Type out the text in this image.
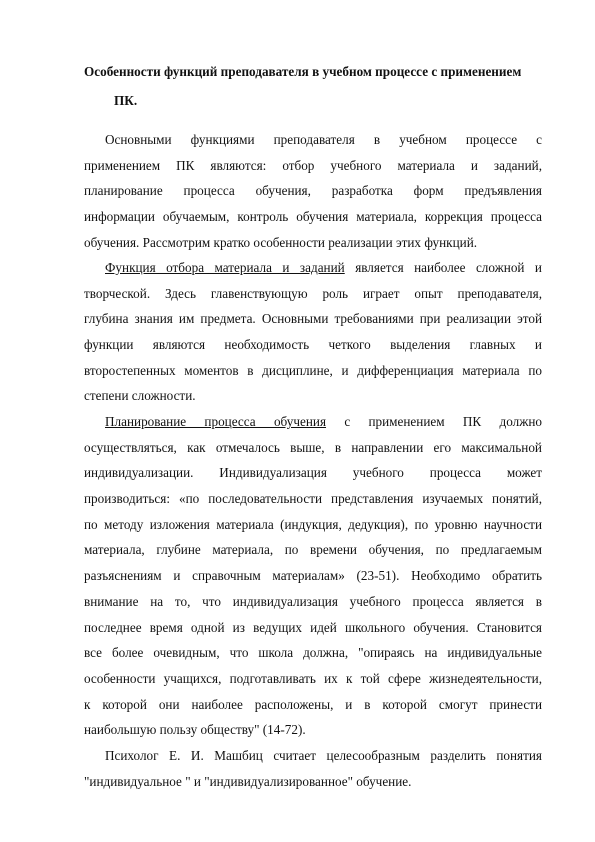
Особенности функций преподавателя в учебном процессе с применением
ПК.
Основными функциями преподавателя в учебном процессе с
применением ПК являются: отбор учебного материала и заданий,
планирование процесса обучения, разработка форм предъявления
информации обучаемым, контроль обучения материала, коррекция процесса
обучения. Рассмотрим кратко особенности реализации этих функций.
Функция отбора материала и заданий является наиболее сложной и
творческой. Здесь главенствующую роль играет опыт преподавателя,
глубина знания им предмета. Основными требованиями при реализации этой
функции являются необходимость четкого выделения главных и
второстепенных моментов в дисциплине, и дифференциация материала по
степени сложности.
Планирование процесса обучения с применением ПК должно
осуществляться, как отмечалось выше, в направлении его максимальной
индивидуализации. Индивидуализация учебного процесса может
производиться: «по последовательности представления изучаемых понятий,
по методу изложения материала (индукция, дедукция), по уровню научности
материала, глубине материала, по времени обучения, по предлагаемым
разъяснениям и справочным материалам» (23-51). Необходимо обратить
внимание на то, что индивидуализация учебного процесса является в
последнее время одной из ведущих идей школьного обучения. Становится
все более очевидным, что школа должна, "опираясь на индивидуальные
особенности учащихся, подготавливать их к той сфере жизнедеятельности,
к которой они наиболее расположены, и в которой смогут принести
наибольшую пользу обществу" (14-72).
Психолог Е. И. Машбиц считает целесообразным разделить понятия
"индивидуальное " и "индивидуализированное" обучение.
